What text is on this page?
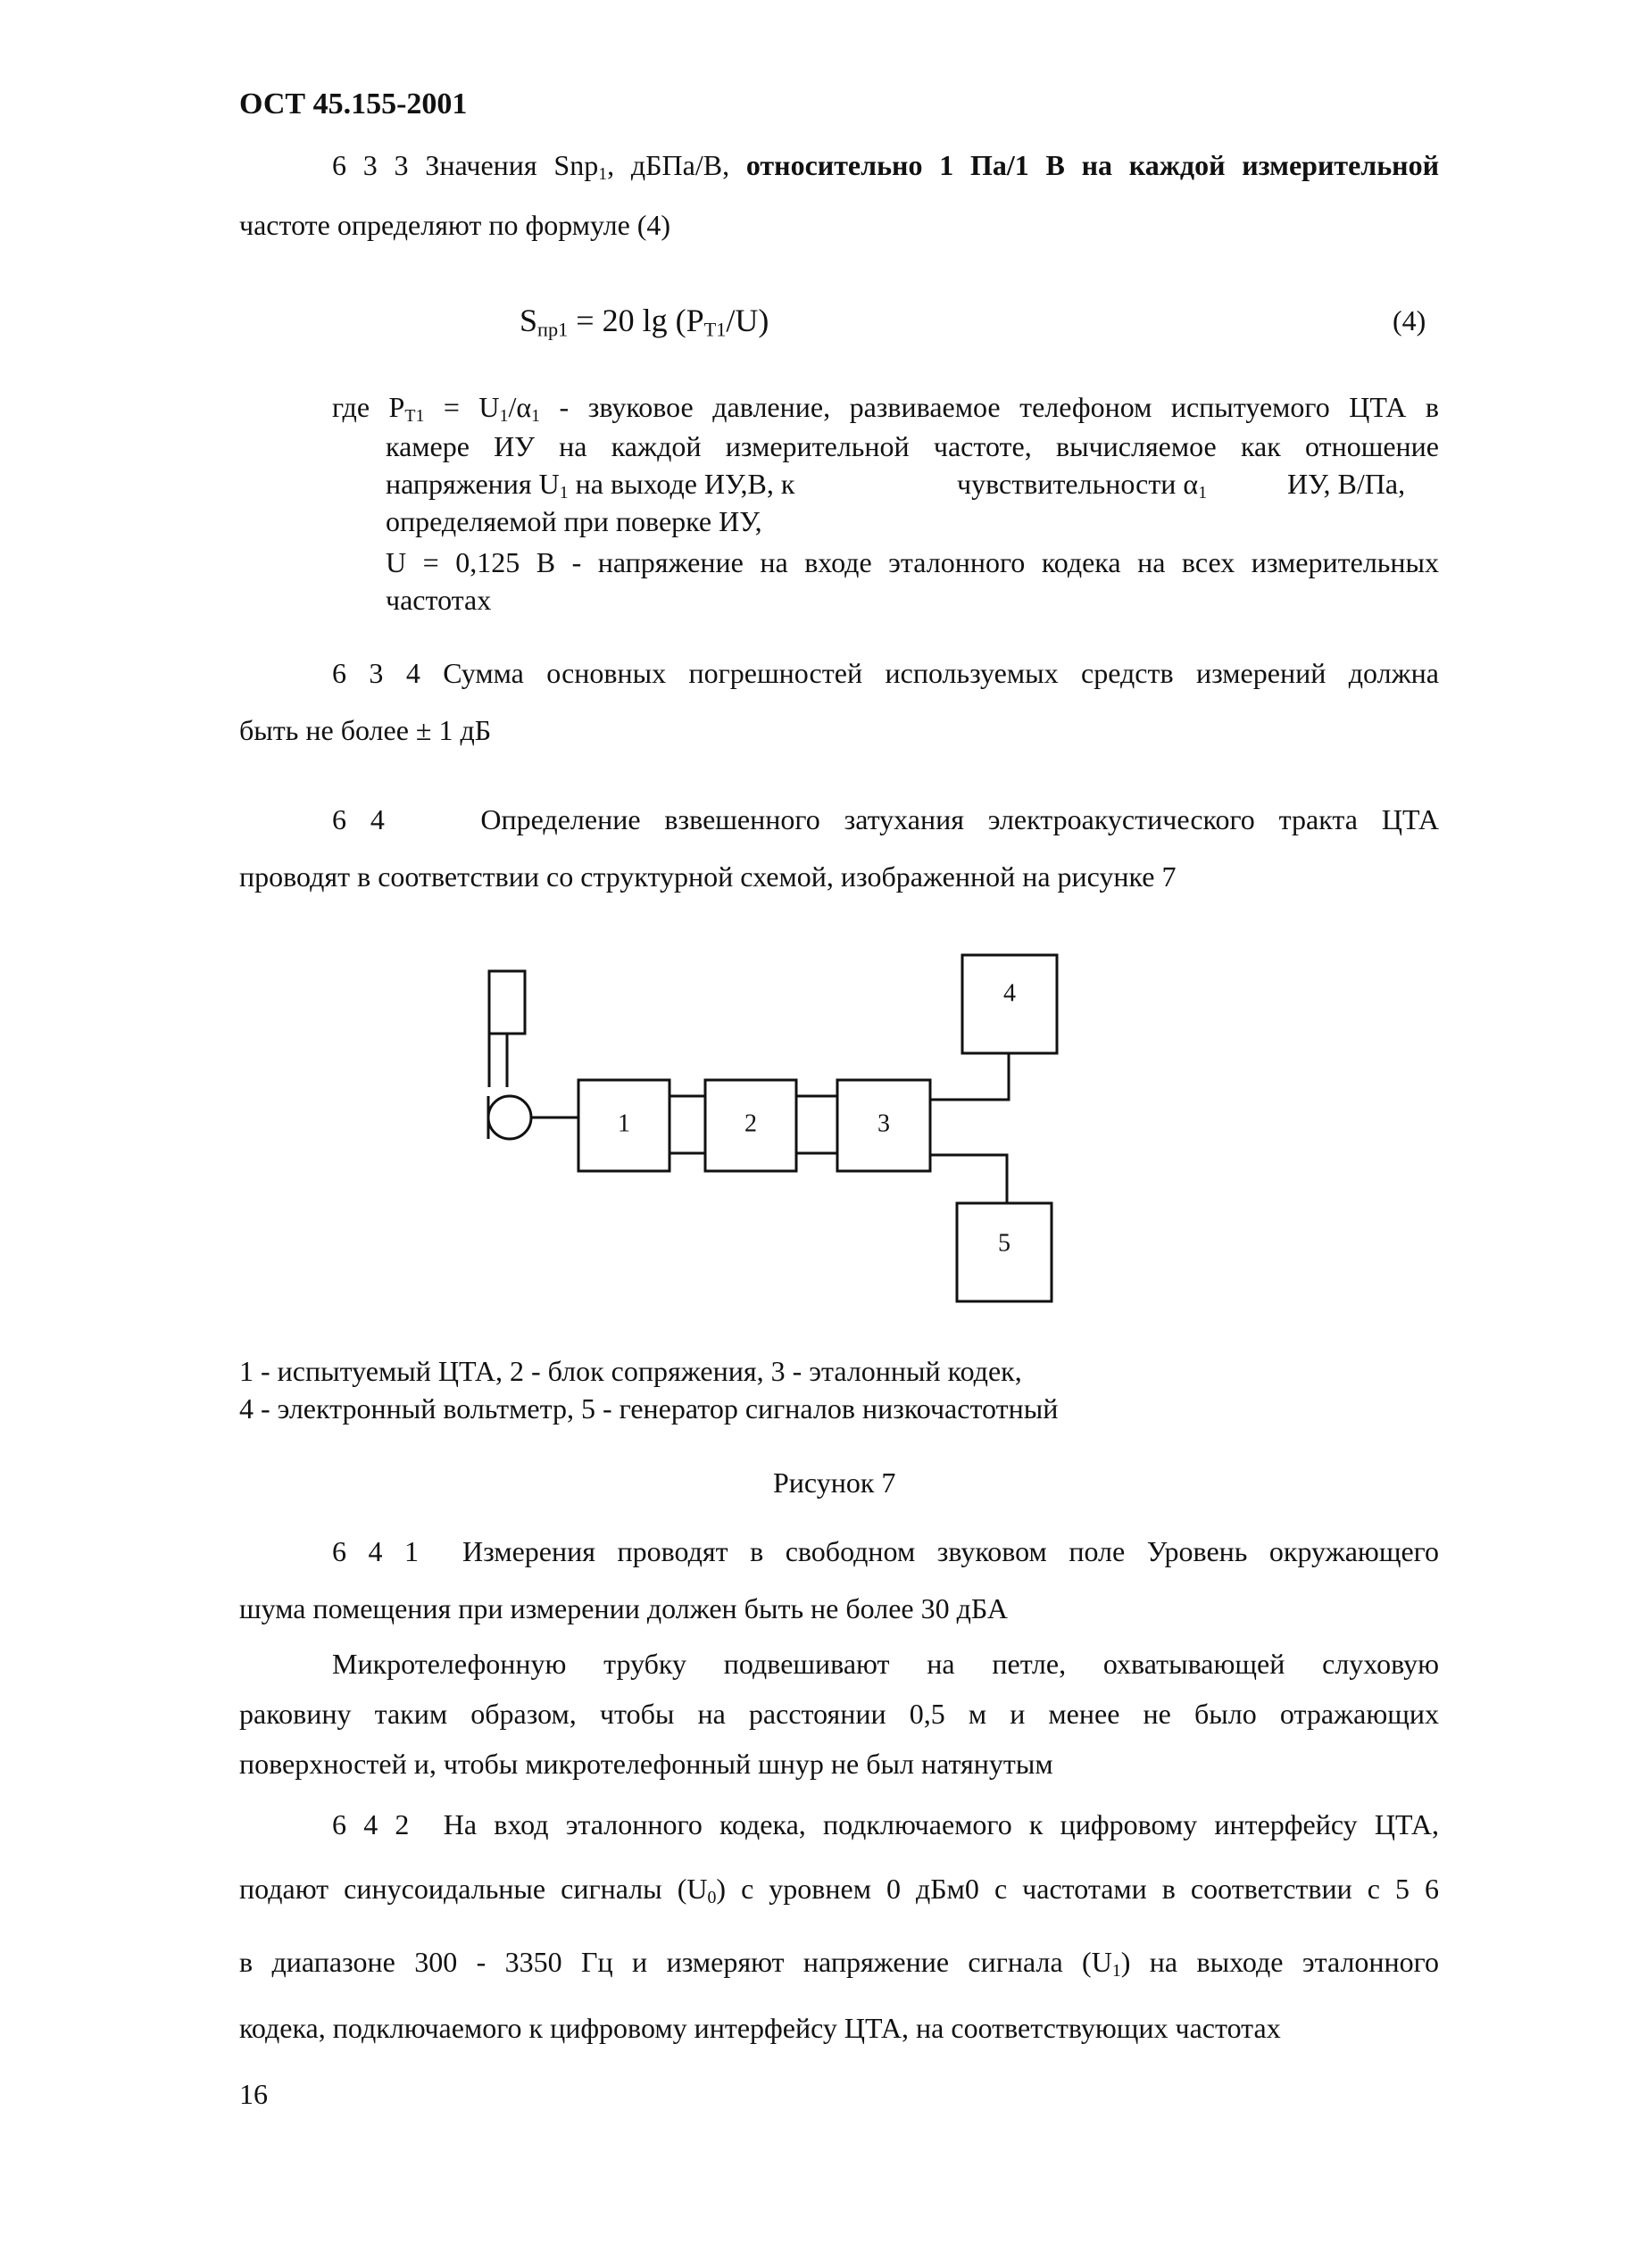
ОСТ 45.155-2001
6 3 3 Значения Snp$_1$, дБПа/В, относительно 1 Па/1 В на каждой измерительной
частоте определяют по формуле (4)
$S_{пр1} = 20$ $\lg (P_{T1}/U)$	(4)
где $P_{T1} = U_1/\alpha_1$ - звуковое давление, развиваемое телефоном испытуемого ЦТА в
камере ИУ на каждой измерительной частоте, вычисляемое как отношение
напряжения $U_1$ на выходе ИУ,В, к	чувствительности $\alpha_1$	ИУ, В/Па,
определяемой при поверке ИУ,
U = 0,125 В - напряжение на входе эталонного кодека на всех измерительных
частотах
6 3 4 Сумма основных погрешностей используемых средств измерений должна
быть не более ± 1 дБ
6 4    Определение взвешенного затухания электроакустического тракта ЦТА
проводят в соответствии со структурной схемой, изображенной на рисунке 7
1	2	3
4
5
1 - испытуемый ЦТА, 2 - блок сопряжения, 3 - эталонный кодек,
4 - электронный вольтметр, 5 - генератор сигналов низкочастотный
Рисунок 7
6 4 1  Измерения проводят в свободном звуковом поле Уровень окружающего
шума помещения при измерении должен быть не более 30 дБА
Микротелефонную трубку подвешивают на петле, охватывающей слуховую
раковину таким образом, чтобы на расстоянии 0,5 м и менее не было отражающих
поверхностей и, чтобы микротелефонный шнур не был натянутым
6 4 2  На вход эталонного кодека, подключаемого к цифровому интерфейсу ЦТА,
подают синусоидальные сигналы $(U_0)$ с уровнем 0 дБм0 с частотами в соответствии с 5 6
в диапазоне 300 - 3350 Гц и измеряют напряжение сигнала $(U_1)$ на выходе эталонного
кодека, подключаемого к цифровому интерфейсу ЦТА, на соответствующих частотах
16
